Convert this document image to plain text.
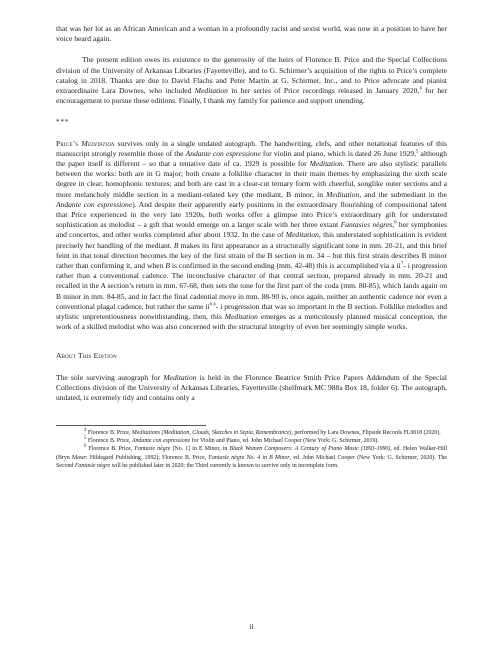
that was her lot as an African American and a woman in a profoundly racist and sexist world, was now in a position to have her voice heard again.

The present edition owes its existence to the generosity of the heirs of Florence B. Price and the Special Collections division of the University of Arkansas Libraries (Fayetteville), and to G. Schirmer’s acquisition of the rights to Price’s complete catalog in 2018. Thanks are due to David Flachs and Peter Martin at G. Schirmer, Inc., and to Price advocate and pianist extraordinaire Lara Downes, who included Meditation in her series of Price recordings released in January 2020,$^4$ for her encouragement to pursue these editions. Finally, I thank my family for patience and support unending.

***

Price’s Meditation survives only in a single undated autograph. The handwriting, clefs, and other notational features of this manuscript strongly resemble those of the Andante con espressione for violin and piano, which is dated 26 June 1929,$^5$ although the paper itself is different – so that a tentative date of ca. 1929 is possible for Meditation. There are also stylistic parallels between the works: both are in G major; both create a folklike character in their main themes by emphasizing the sixth scale degree in clear, homophonic textures; and both are cast in a clear-cut ternary form with cheerful, songlike outer sections and a more melancholy middle section in a mediant-related key (the mediant, B minor, in Meditation, and the submediant in the Andante con espressione). And despite their apparently early positions in the extraordinary flourishing of compositional talent that Price experienced in the very late 1920s, both works offer a glimpse into Price’s extraordinary gift for understated sophistication as melodist – a gift that would emerge on a larger scale with her three extant Fantasies nègres,$^6$ her symphonies and concertos, and other works completed after about 1932. In the case of Meditation, this understated sophistication is evident precisely her handling of the mediant. B makes its first appearance as a structurally significant tone in mm. 20-21, and this brief feint in that tonal direction becomes the key of the first strain of the B section in m. 34 – but this first strain describes B minor rather than confirming it, and when B is confirmed in the second ending (mm. 42-48) this is accomplished via a $ii^7-$ i progression rather than a conventional cadence. The inconclusive character of that central section, prepared already in mm. 20-21 and recalled in the A section’s return in mm. 67-68, then sets the tone for the first part of the coda (mm. 80-85), which lands again on B minor in mm. 84-85, and in fact the final cadential move in mm. 88-90 is, once again, neither an authentic cadence nor even a conventional plagal cadence, but rather the same $ii^{6 4}-$ i progression that was so important in the B section. Folklike melodies and stylistic unpretentiousness notwithstanding, then, this Meditation emerges as a meticulously planned musical conception, the work of a skilled melodist who was also concerned with the structural integrity of even her seemingly simple works.

About This Edition

The sole surviving autograph for Meditation is held in the Florence Beatrice Smith Price Papers Addendum of the Special Collections division of the University of Arkansas Libraries, Fayetteville (shelfmark MC 988a Box 18, folder 6). The autograph, undated, is extremely tidy and contains only a

$^4$ Florence B. Price, Meditations (Meditation, Clouds, Sketches in Sepia, Remembrance), performed by Lara Downes, Flipside Records FL0018 (2020).

$^5$ Florence B. Price, Andante con espressione for Violin and Piano, ed. John Michael Cooper (New York: G. Schirmer, 2019).

$^6$ Florence B. Price, Fantasie nègre [No. 1] in E Minor, in Black Women Composers: A Century of Piano Music (1893-1990), ed. Helen Walker-Hill (Bryn Mawr: Hildegard Publishing, 1992); Florence B. Price, Fantasie nègre No. 4 in B Minor, ed. John Michael Cooper (New York: G. Schirmer, 2020). The Second Fantasie nègre will be published later in 2020; the Third currently is known to survive only in incomplete form.

ii
